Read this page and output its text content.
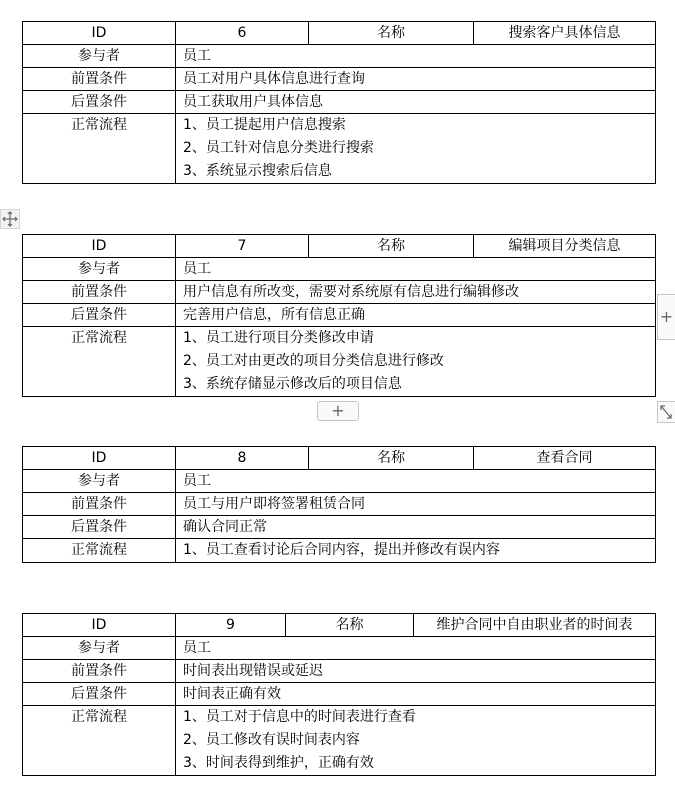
ID	6	名称	搜索客户具体信息
参与者	员工		
前置条件	员工对用户具体信息进行查询		
后置条件	员工获取用户具体信息		
正常流程	1、员工提起用户信息搜索
2、员工针对信息分类进行搜索
3、系统显示搜索后信息		
ID	7	名称	编辑项目分类信息
参与者	员工		
前置条件	用户信息有所改变，需要对系统原有信息进行编辑修改		
后置条件	完善用户信息，所有信息正确		
正常流程	1、员工进行项目分类修改申请
2、员工对由更改的项目分类信息进行修改
3、系统存储显示修改后的项目信息		
+
+
ID	8	名称	查看合同
参与者	员工		
前置条件	员工与用户即将签署租赁合同		
后置条件	确认合同正常		
正常流程	1、员工查看讨论后合同内容，提出并修改有误内容		
ID	9	名称	维护合同中自由职业者的时间表
参与者	员工		
前置条件	时间表出现错误或延迟		
后置条件	时间表正确有效		
正常流程	1、员工对于信息中的时间表进行查看
2、员工修改有误时间表内容
3、时间表得到维护，正确有效		
